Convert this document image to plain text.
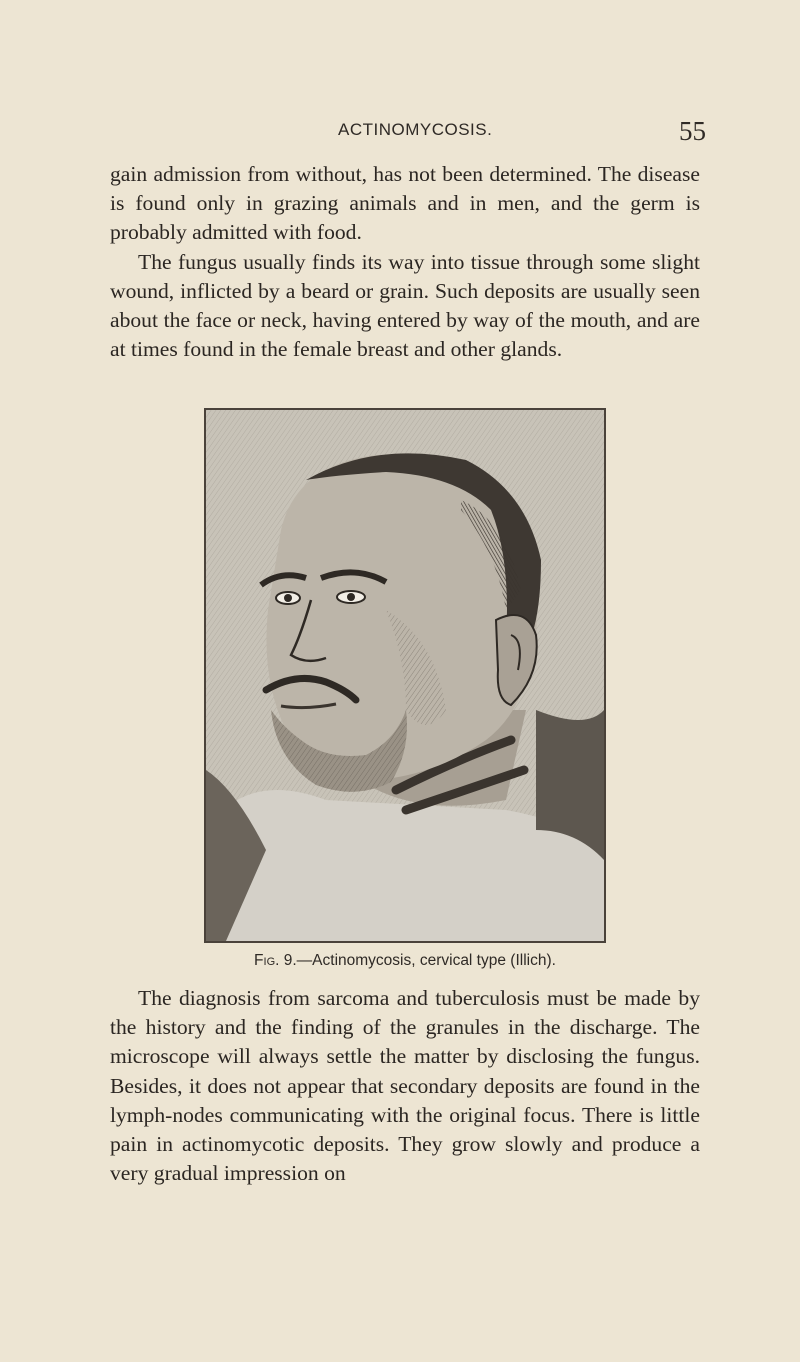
ACTINOMYCOSIS.	55

gain admission from without, has not been determined. The disease is found only in grazing animals and in men, and the germ is probably admitted with food.

The fungus usually finds its way into tissue through some slight wound, inflicted by a beard or grain. Such deposits are usually seen about the face or neck, having entered by way of the mouth, and are at times found in the female breast and other glands.

Fig. 9.—Actinomycosis, cervical type (Illich).

The diagnosis from sarcoma and tuberculosis must be made by the history and the finding of the granules in the discharge. The microscope will always settle the matter by disclosing the fungus. Besides, it does not appear that secondary deposits are found in the lymph-nodes communicating with the original focus. There is little pain in actinomycotic deposits. They grow slowly and produce a very gradual impression on
